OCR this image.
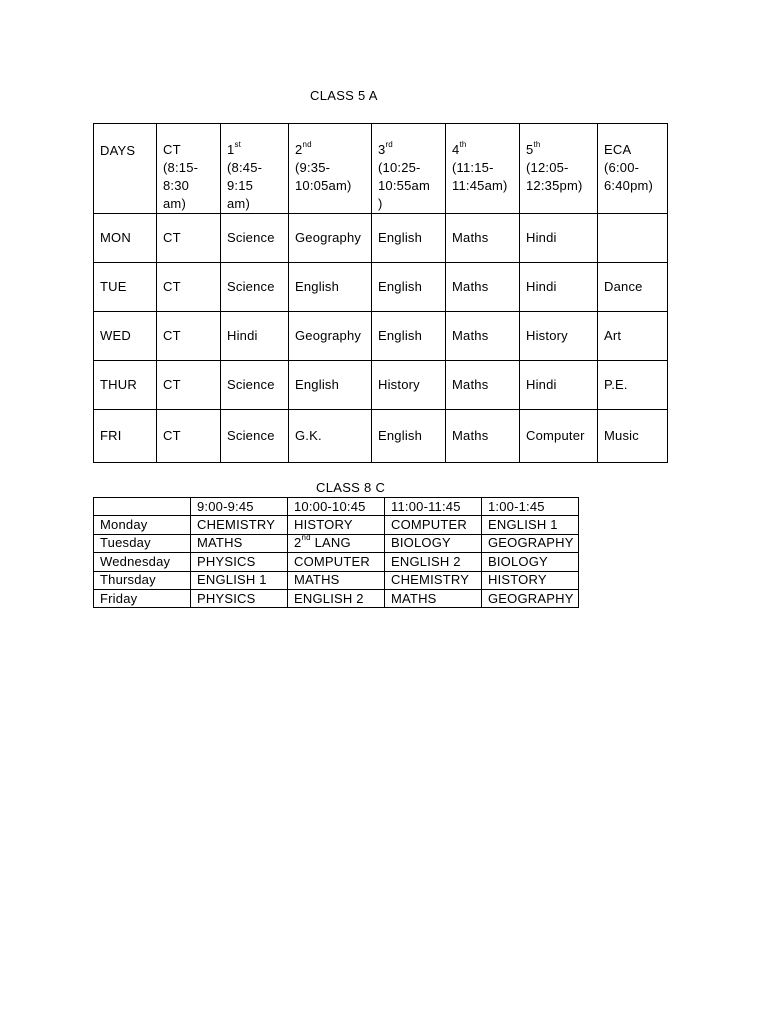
CLASS 5 A
DAYS	CT
(8:15-
8:30
am)	1st
(8:45-
9:15
am)	2nd
(9:35-
10:05am)	3rd
(10:25-
10:55am
)	4th
(11:15-
11:45am)	5th
(12:05-
12:35pm)	ECA
(6:00-
6:40pm)

MON	CT	Science	Geography	English	Maths	Hindi	
TUE	CT	Science	English	English	Maths	Hindi	Dance
WED	CT	Hindi	Geography	English	Maths	History	Art
THUR	CT	Science	English	History	Maths	Hindi	P.E.
FRI	CT	Science	G.K.	English	Maths	Computer	Music
CLASS 8 C
	9:00-9:45	10:00-10:45	11:00-11:45	1:00-1:45
Monday	CHEMISTRY	HISTORY	COMPUTER	ENGLISH 1
Tuesday	MATHS	2nd LANG	BIOLOGY	GEOGRAPHY
Wednesday	PHYSICS	COMPUTER	ENGLISH 2	BIOLOGY
Thursday	ENGLISH 1	MATHS	CHEMISTRY	HISTORY
Friday	PHYSICS	ENGLISH 2	MATHS	GEOGRAPHY
